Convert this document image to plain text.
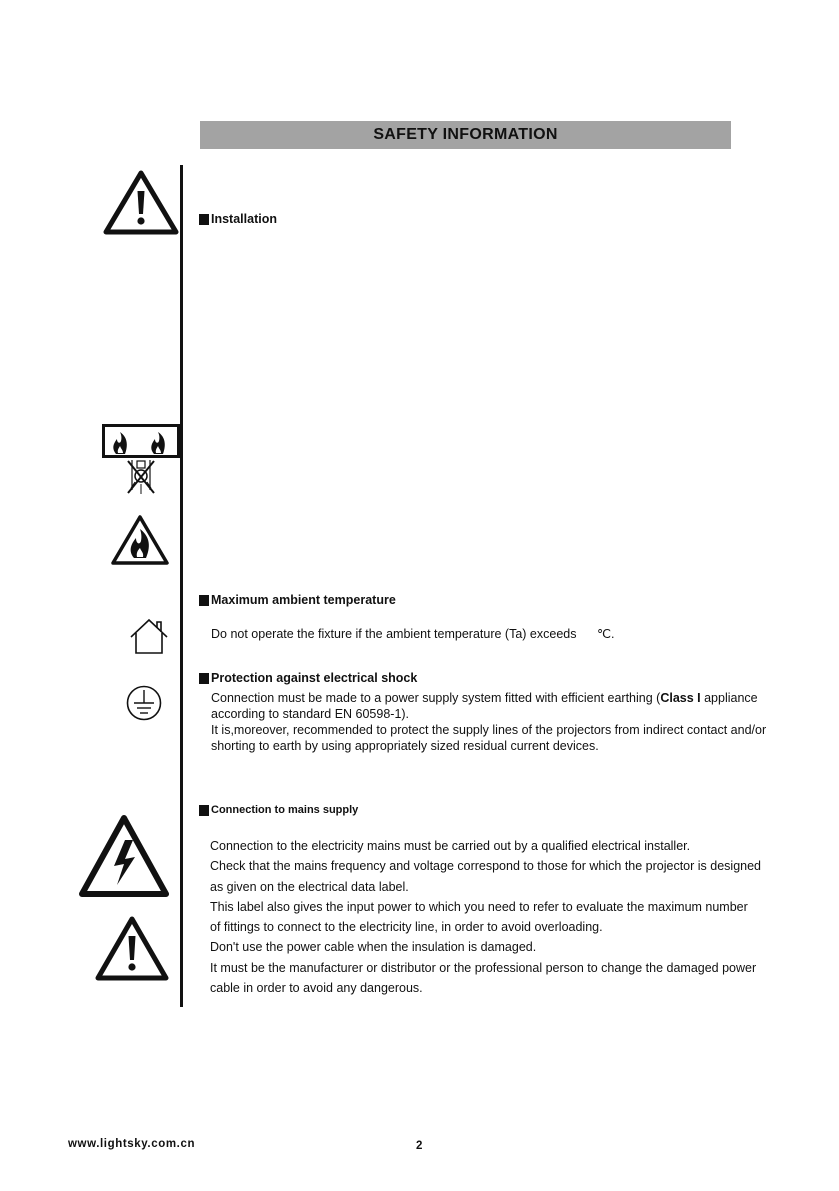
SAFETY INFORMATION
Installation
Maximum ambient temperature
Do not operate the fixture if the ambient temperature (Ta) exceeds ℃.
Protection against electrical shock
Connection must be made to a power supply system fitted with efficient earthing (Class I appliance
according to standard EN 60598-1).
It is,moreover, recommended to protect the supply lines of the projectors from indirect contact and/or
shorting to earth by using appropriately sized residual current devices.
Connection to mains supply
Connection to the electricity mains must be carried out by a qualified electrical installer.
Check that the mains frequency and voltage correspond to those for which the projector is designed
as given on the electrical data label.
This label also gives the input power to which you need to refer to evaluate the maximum number
of fittings to connect to the electricity line, in order to avoid overloading.
Don't use the power cable when the insulation is damaged.
It must be the manufacturer or distributor or the professional person to change the damaged power
cable in order to avoid any dangerous.
www.lightsky.com.cn	2
